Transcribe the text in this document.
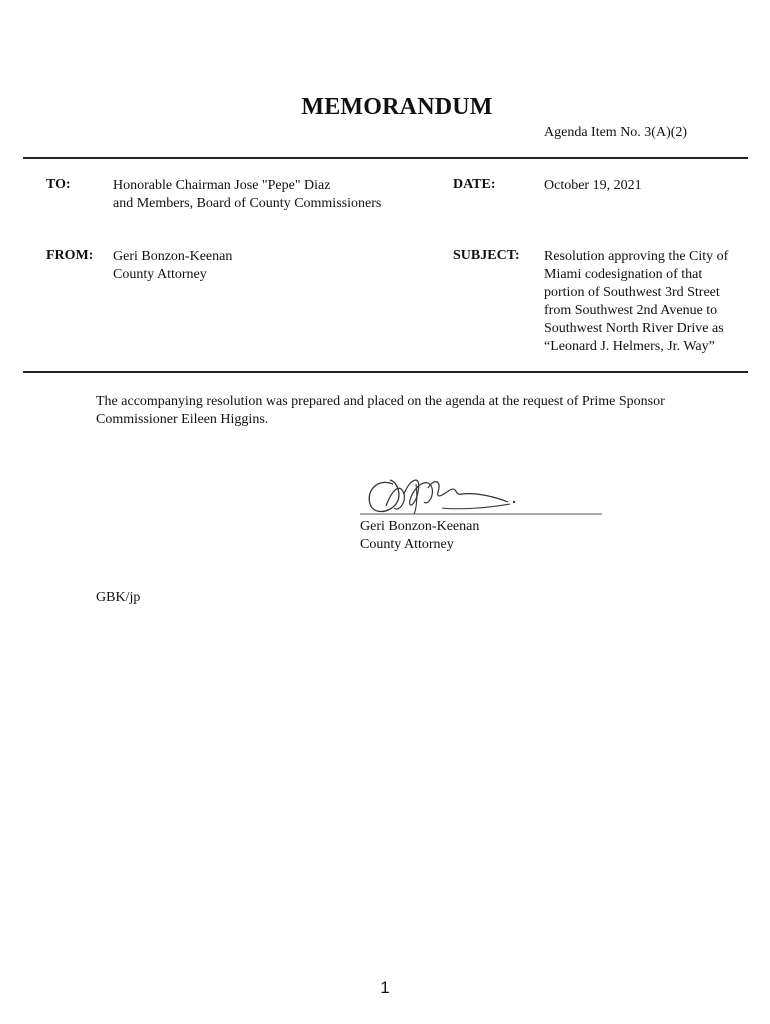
MEMORANDUM
Agenda Item No. 3(A)(2)
TO:	Honorable Chairman Jose "Pepe" Diaz
and Members, Board of County Commissioners
DATE:	October 19, 2021
FROM: Geri Bonzon-Keenan
County Attorney
SUBJECT: Resolution approving the City of
Miami codesignation of that
portion of Southwest 3rd Street
from Southwest 2nd Avenue to
Southwest North River Drive as
“Leonard J. Helmers, Jr. Way”
The accompanying resolution was prepared and placed on the agenda at the request of Prime Sponsor
Commissioner Eileen Higgins.
Geri Bonzon-Keenan
County Attorney
GBK/jp
1
